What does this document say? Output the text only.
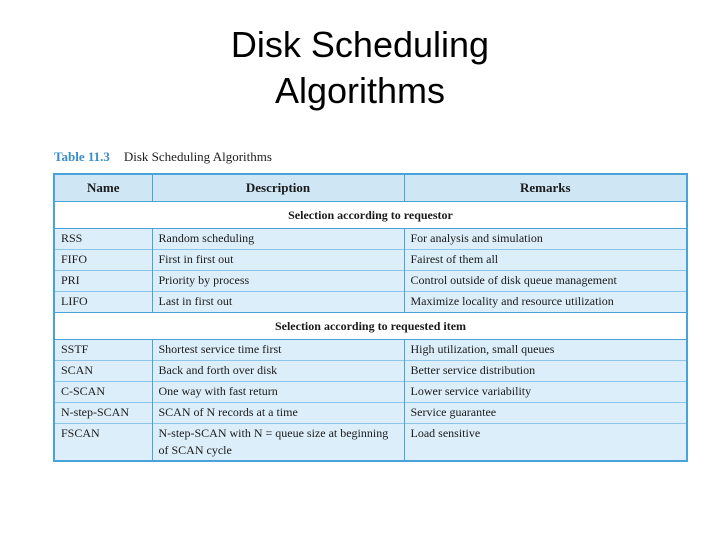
Disk Scheduling
Algorithms
Table 11.3 Disk Scheduling Algorithms
Name	Description	Remarks
Selection according to requestor		
RSS	Random scheduling	For analysis and simulation
FIFO	First in first out	Fairest of them all
PRI	Priority by process	Control outside of disk queue management
LIFO	Last in first out	Maximize locality and resource utilization
Selection according to requested item		
SSTF	Shortest service time first	High utilization, small queues
SCAN	Back and forth over disk	Better service distribution
C-SCAN	One way with fast return	Lower service variability
N-step-SCAN	SCAN of N records at a time	Service guarantee
FSCAN	N-step-SCAN with N = queue size at beginning of SCAN cycle	Load sensitive
